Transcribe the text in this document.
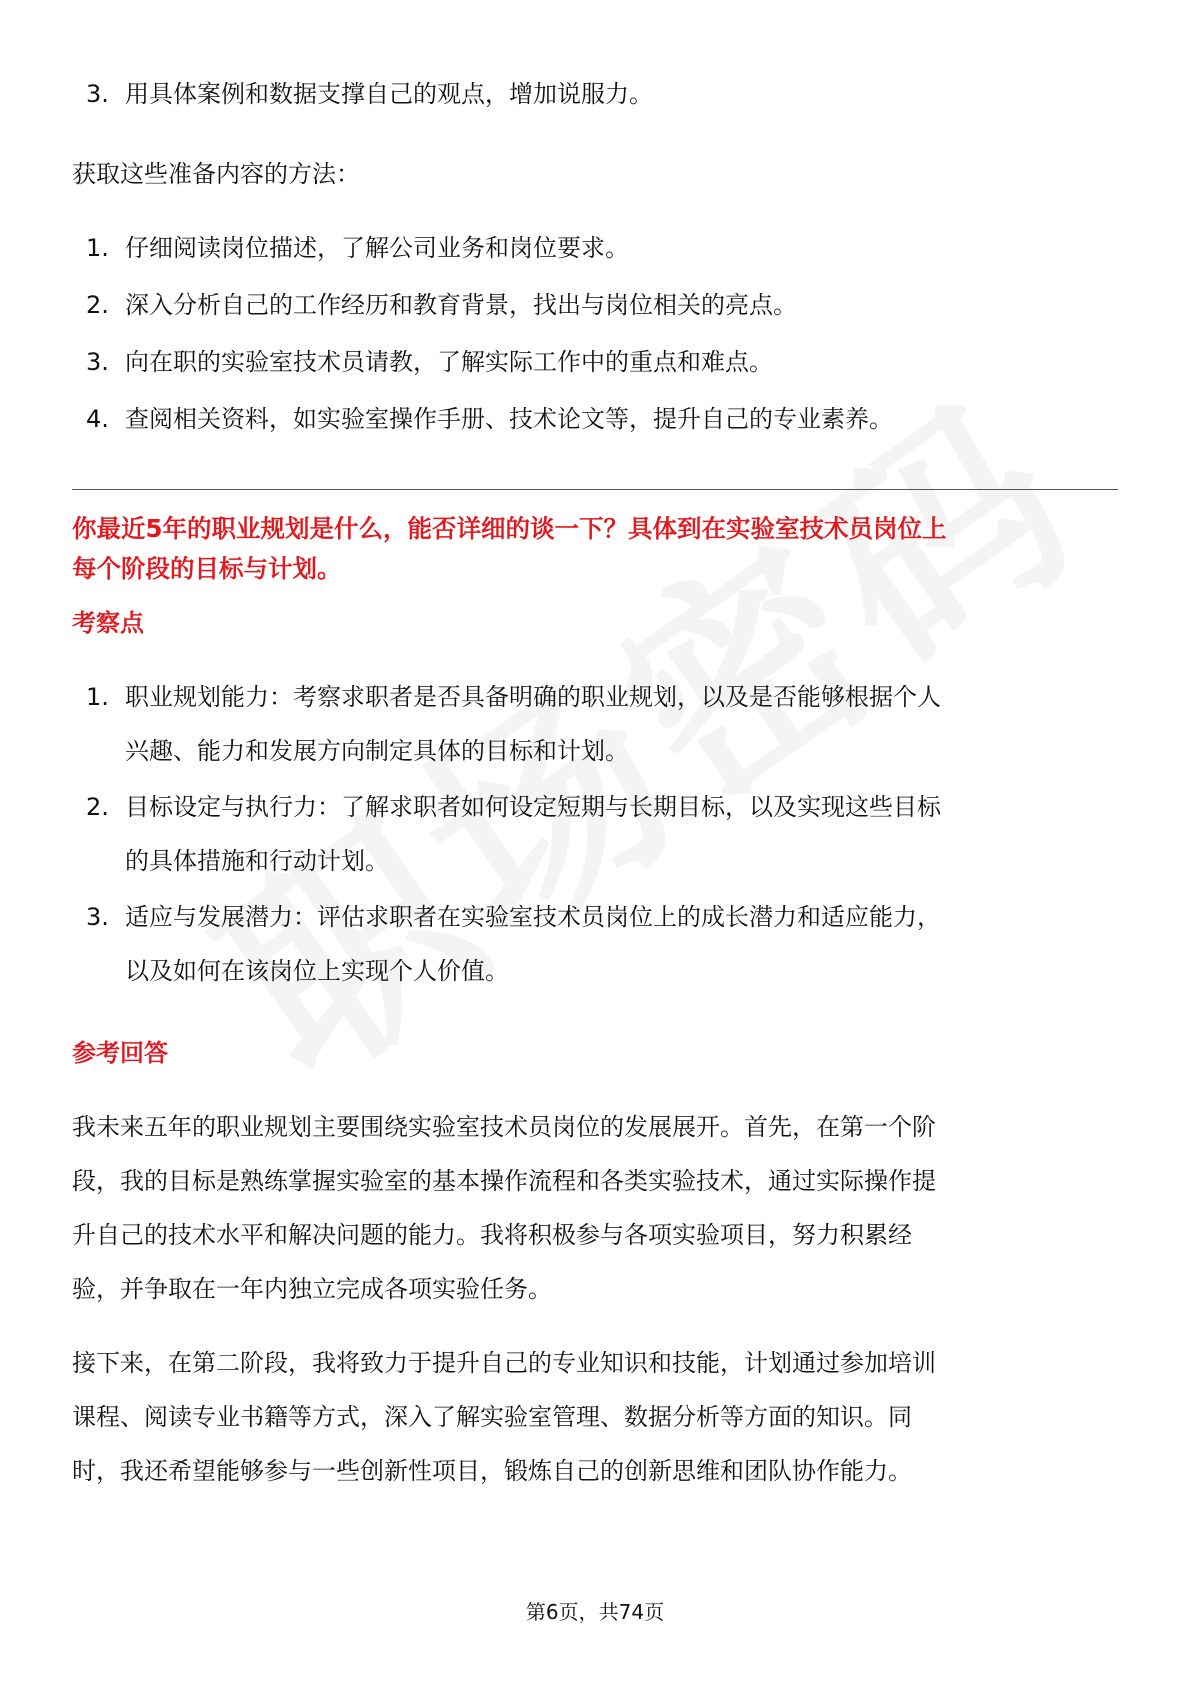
3. 用具体案例和数据支撑自己的观点，增加说服力。

获取这些准备内容的方法：

1. 仔细阅读岗位描述，了解公司业务和岗位要求。
2. 深入分析自己的工作经历和教育背景，找出与岗位相关的亮点。
3. 向在职的实验室技术员请教，了解实际工作中的重点和难点。
4. 查阅相关资料，如实验室操作手册、技术论文等，提升自己的专业素养。

你最近5年的职业规划是什么，能否详细的谈一下？具体到在实验室技术员岗位上

每个阶段的目标与计划。

考察点

1. 职业规划能力：考察求职者是否具备明确的职业规划，以及是否能够根据个人
兴趣、能力和发展方向制定具体的目标和计划。
2. 目标设定与执行力：了解求职者如何设定短期与长期目标，以及实现这些目标
的具体措施和行动计划。
3. 适应与发展潜力：评估求职者在实验室技术员岗位上的成长潜力和适应能力，
以及如何在该岗位上实现个人价值。

参考回答

我未来五年的职业规划主要围绕实验室技术员岗位的发展展开。首先，在第一个阶

段，我的目标是熟练掌握实验室的基本操作流程和各类实验技术，通过实际操作提

升自己的技术水平和解决问题的能力。我将积极参与各项实验项目，努力积累经

验，并争取在一年内独立完成各项实验任务。

接下来，在第二阶段，我将致力于提升自己的专业知识和技能，计划通过参加培训

课程、阅读专业书籍等方式，深入了解实验室管理、数据分析等方面的知识。同

时，我还希望能够参与一些创新性项目，锻炼自己的创新思维和团队协作能力。

第6页，共74页
